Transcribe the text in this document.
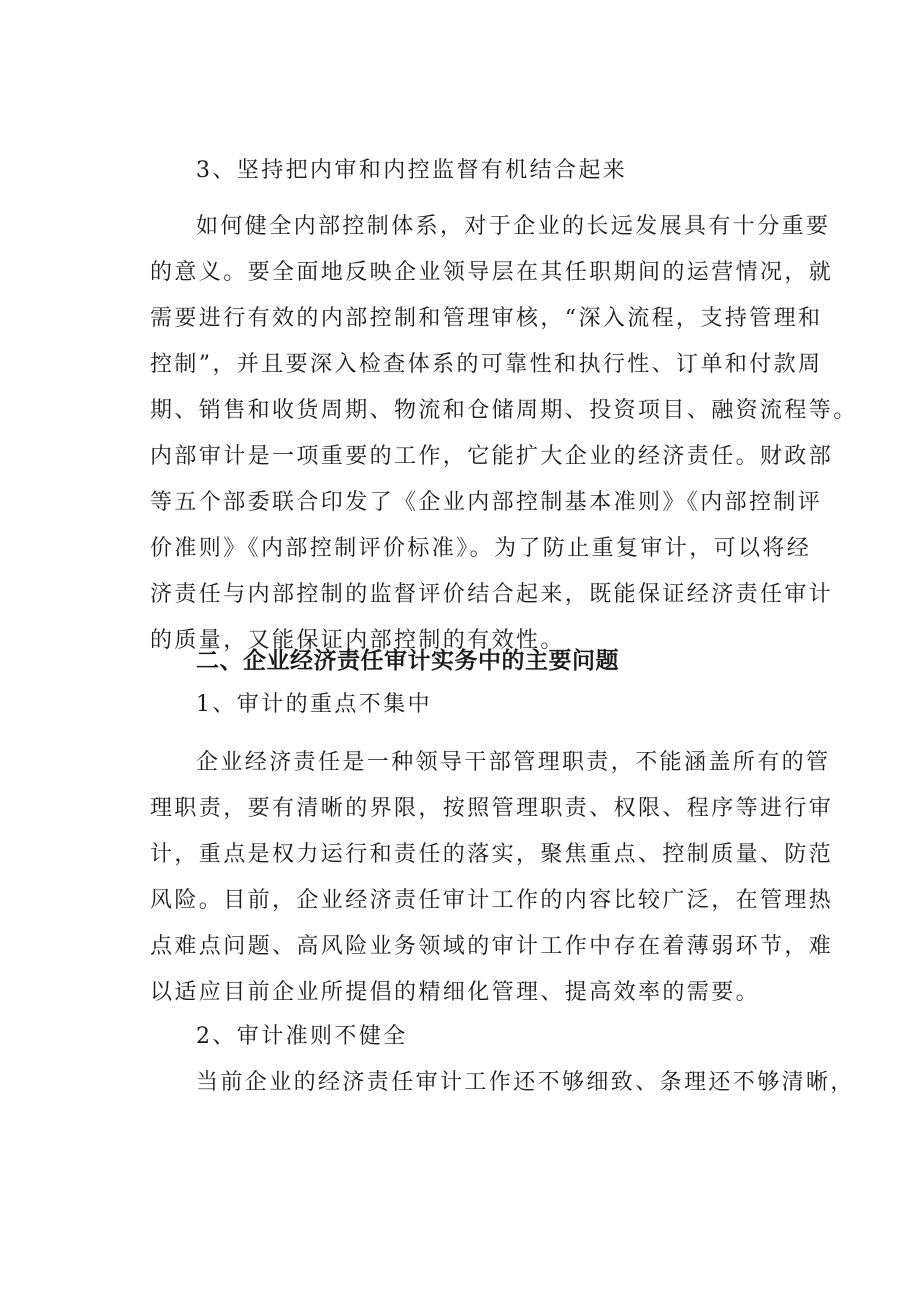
3、坚持把内审和内控监督有机结合起来
如何健全内部控制体系，对于企业的长远发展具有十分重要
的意义。要全面地反映企业领导层在其任职期间的运营情况，就
需要进行有效的内部控制和管理审核，“深入流程，支持管理和
控制”，并且要深入检查体系的可靠性和执行性、订单和付款周
期、销售和收货周期、物流和仓储周期、投资项目、融资流程等。
内部审计是一项重要的工作，它能扩大企业的经济责任。财政部
等五个部委联合印发了《企业内部控制基本准则》《内部控制评
价准则》《内部控制评价标准》。为了防止重复审计，可以将经
济责任与内部控制的监督评价结合起来，既能保证经济责任审计
的质量，又能保证内部控制的有效性。
二、企业经济责任审计实务中的主要问题
1、审计的重点不集中
企业经济责任是一种领导干部管理职责，不能涵盖所有的管
理职责，要有清晰的界限，按照管理职责、权限、程序等进行审
计，重点是权力运行和责任的落实，聚焦重点、控制质量、防范
风险。目前，企业经济责任审计工作的内容比较广泛，在管理热
点难点问题、高风险业务领域的审计工作中存在着薄弱环节，难
以适应目前企业所提倡的精细化管理、提高效率的需要。
2、审计准则不健全
当前企业的经济责任审计工作还不够细致、条理还不够清晰，
